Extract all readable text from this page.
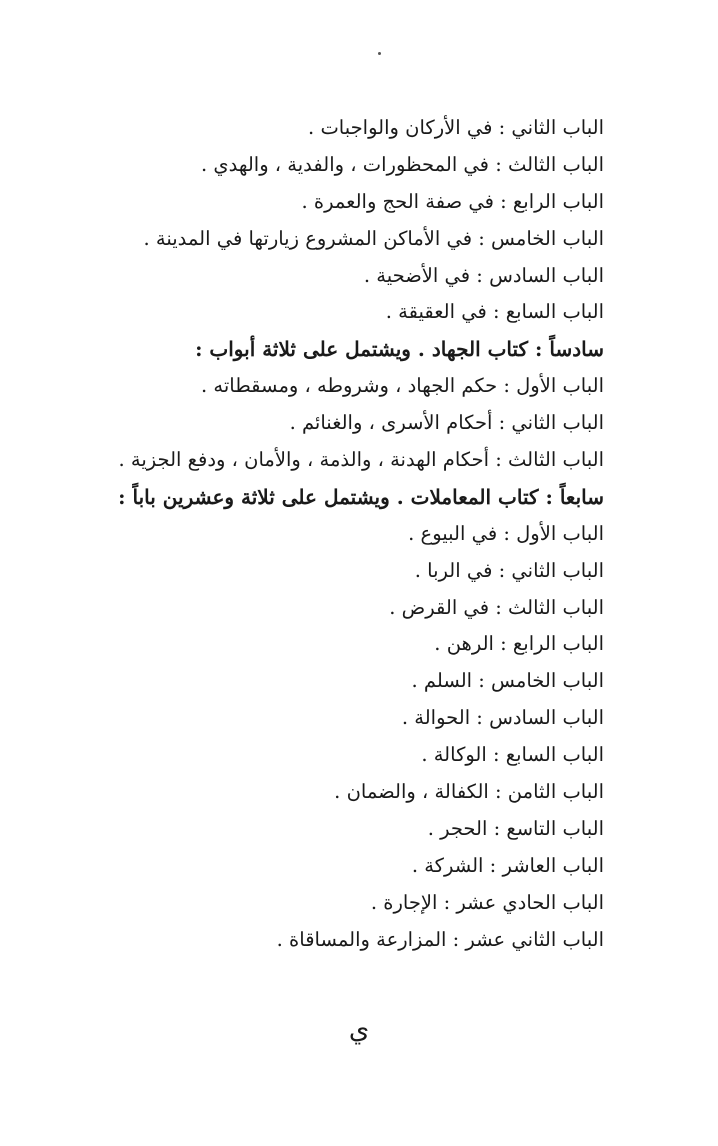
الباب الثاني : في الأركان والواجبات .
الباب الثالث : في المحظورات ، والفدية ، والهدي .
الباب الرابع : في صفة الحج والعمرة .
الباب الخامس : في الأماكن المشروع زيارتها في المدينة .
الباب السادس : في الأضحية .
الباب السابع : في العقيقة .
سادساً : كتاب الجهاد . ويشتمل على ثلاثة أبواب :
الباب الأول : حكم الجهاد ، وشروطه ، ومسقطاته .
الباب الثاني : أحكام الأسرى ، والغنائم .
الباب الثالث : أحكام الهدنة ، والذمة ، والأمان ، ودفع الجزية .
سابعاً : كتاب المعاملات . ويشتمل على ثلاثة وعشرين باباً :
الباب الأول : في البيوع .
الباب الثاني : في الربا .
الباب الثالث : في القرض .
الباب الرابع : الرهن .
الباب الخامس : السلم .
الباب السادس : الحوالة .
الباب السابع : الوكالة .
الباب الثامن : الكفالة ، والضمان .
الباب التاسع : الحجر .
الباب العاشر : الشركة .
الباب الحادي عشر : الإجارة .
الباب الثاني عشر : المزارعة والمساقاة .
ي
